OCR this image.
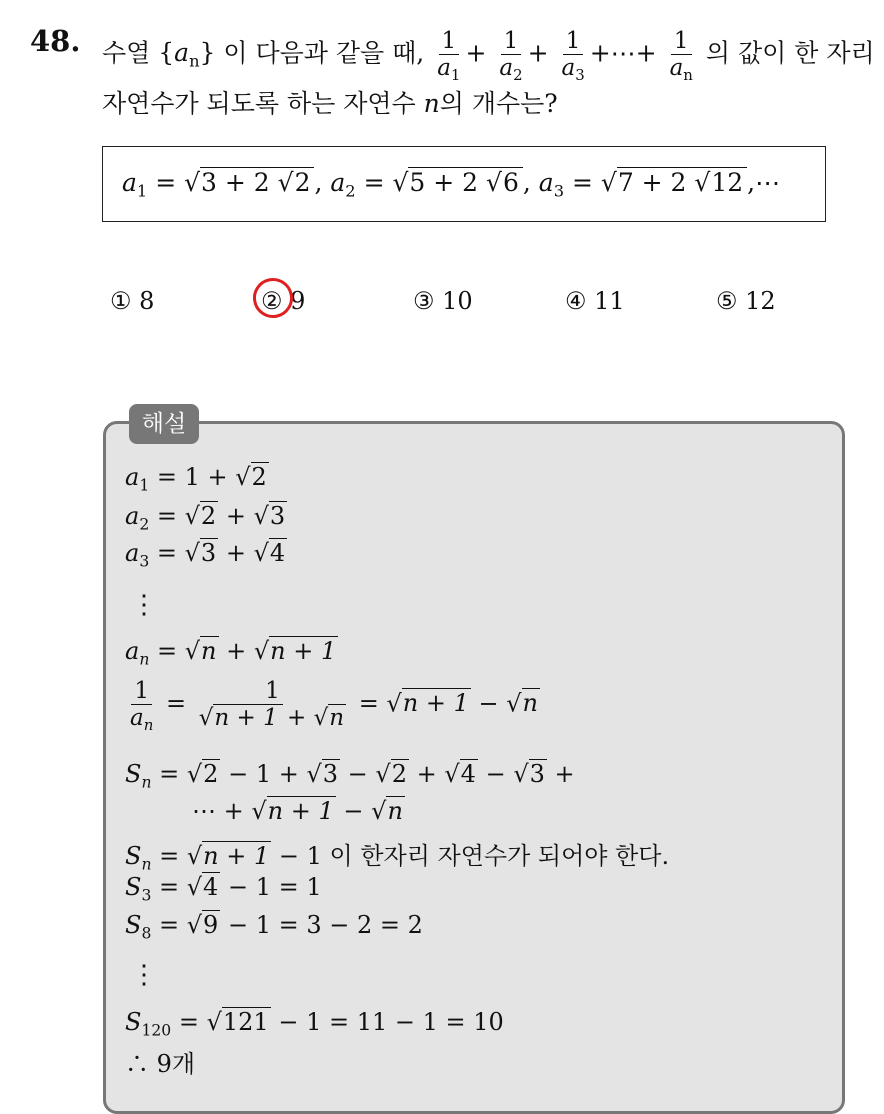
48. 수열 $\{a_n\}$ 이 다음과 같을 때, $\frac{1}{a_1} + \frac{1}{a_2} + \frac{1}{a_3}$ +⋯+ $\frac{1}{a_n}$ 의 값이 한 자리
자연수가 되도록 하는 자연수 n의 개수는?
$a_1 = √3 + 2$ √2 , $a_2 = √5 + 2$ √6 , $a_3 = √7 + 2$ √12 ,⋯
① 8	② 9	③ 10	④ 11	⑤ 12
해설
$a_1 = 1 + √2$
$a_2 = √2 + √3$
$a_3 = √3 + √4$
⋮
$a_n = √n + √n + 1$
$\frac{1}{a_n} = \frac{1}{√n + 1 + √n} = √n + 1 - √n$
$S_n = √2 - 1 + √3 - √2 + √4 - √3$ +
⋯ + √n + 1 − √n
$S_n = √n + 1 - 1$ 이 한자리 자연수가 되어야 한다.
$S_3 = √4 - 1 = 1$
$S_8 = √9 - 1 = 3 - 2 = 2$
⋮
$S_{120} = √121 - 1 = 11 - 1 = 10$
∴ 9개
